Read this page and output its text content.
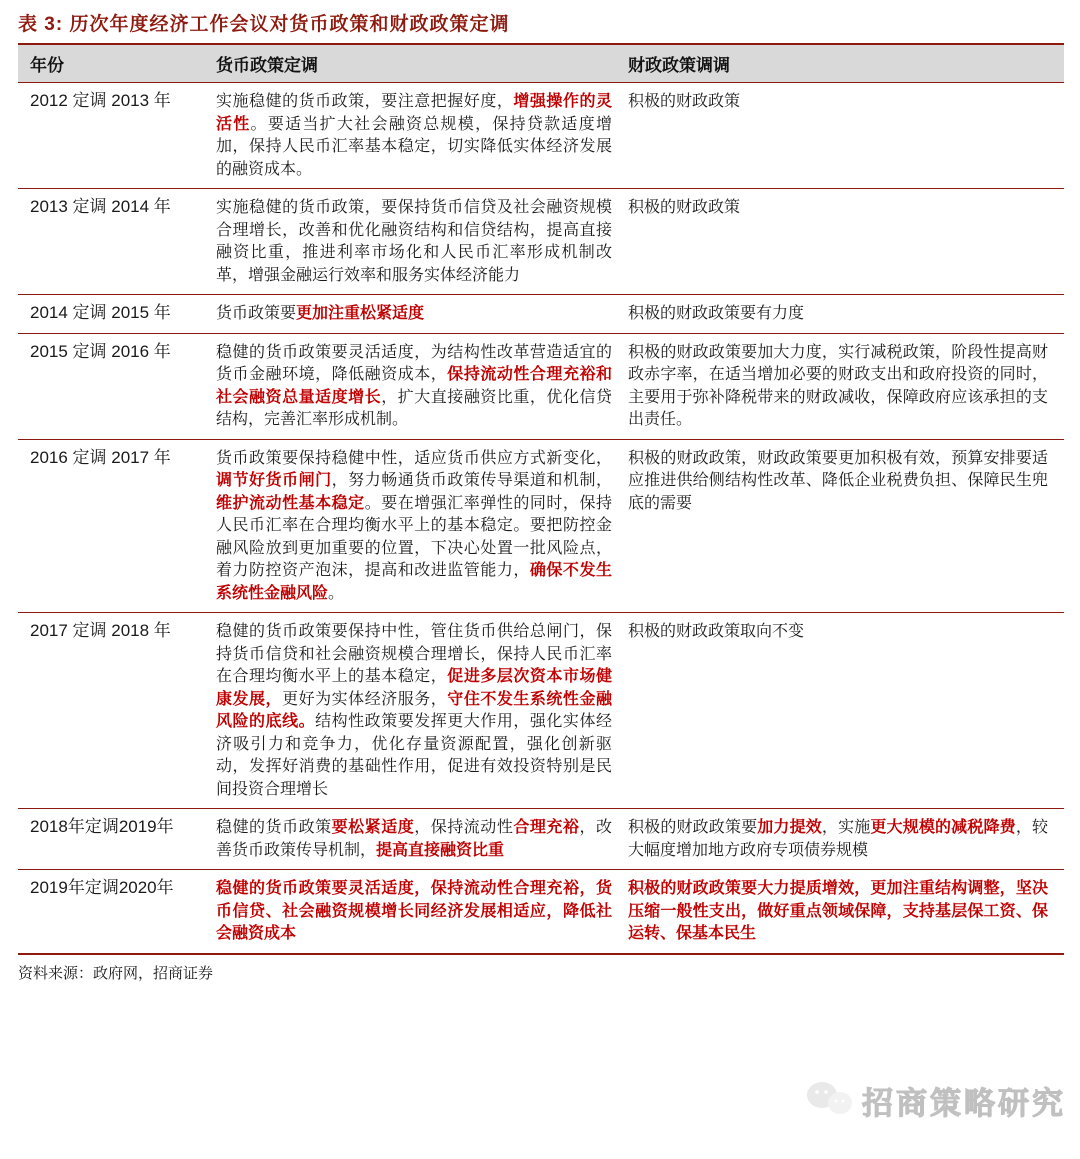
表 3: 历次年度经济工作会议对货币政策和财政政策定调
年份	货币政策定调	财政政策调调
2012 定调 2013 年	实施稳健的货币政策，要注意把握好度，增强操作的灵活性。要适当扩大社会融资总规模，保持贷款适度增加，保持人民币汇率基本稳定，切实降低实体经济发展的融资成本。	积极的财政政策
2013 定调 2014 年	实施稳健的货币政策，要保持货币信贷及社会融资规模合理增长，改善和优化融资结构和信贷结构，提高直接融资比重，推进利率市场化和人民币汇率形成机制改革，增强金融运行效率和服务实体经济能力	积极的财政政策
2014 定调 2015 年	货币政策要更加注重松紧适度	积极的财政政策要有力度
2015 定调 2016 年	稳健的货币政策要灵活适度，为结构性改革营造适宜的货币金融环境，降低融资成本，保持流动性合理充裕和社会融资总量适度增长，扩大直接融资比重，优化信贷结构，完善汇率形成机制。	积极的财政政策要加大力度，实行减税政策，阶段性提高财政赤字率，在适当增加必要的财政支出和政府投资的同时，主要用于弥补降税带来的财政减收，保障政府应该承担的支出责任。
2016 定调 2017 年	货币政策要保持稳健中性，适应货币供应方式新变化，调节好货币闸门，努力畅通货币政策传导渠道和机制，维护流动性基本稳定。要在增强汇率弹性的同时，保持人民币汇率在合理均衡水平上的基本稳定。要把防控金融风险放到更加重要的位置，下决心处置一批风险点，着力防控资产泡沫，提高和改进监管能力，确保不发生系统性金融风险。	积极的财政政策，财政政策要更加积极有效，预算安排要适应推进供给侧结构性改革、降低企业税费负担、保障民生兜底的需要
2017 定调 2018 年	稳健的货币政策要保持中性，管住货币供给总闸门，保持货币信贷和社会融资规模合理增长，保持人民币汇率在合理均衡水平上的基本稳定，促进多层次资本市场健康发展，更好为实体经济服务，守住不发生系统性金融风险的底线。结构性政策要发挥更大作用，强化实体经济吸引力和竞争力，优化存量资源配置，强化创新驱动，发挥好消费的基础性作用，促进有效投资特别是民间投资合理增长	积极的财政政策取向不变
2018年定调2019年	稳健的货币政策要松紧适度，保持流动性合理充裕，改善货币政策传导机制，提高直接融资比重	积极的财政政策要加力提效，实施更大规模的减税降费，较大幅度增加地方政府专项债券规模
2019年定调2020年	稳健的货币政策要灵活适度，保持流动性合理充裕，货币信贷、社会融资规模增长同经济发展相适应，降低社会融资成本	积极的财政政策要大力提质增效，更加注重结构调整，坚决压缩一般性支出，做好重点领域保障，支持基层保工资、保运转、保基本民生
资料来源：政府网，招商证券
招商策略研究
